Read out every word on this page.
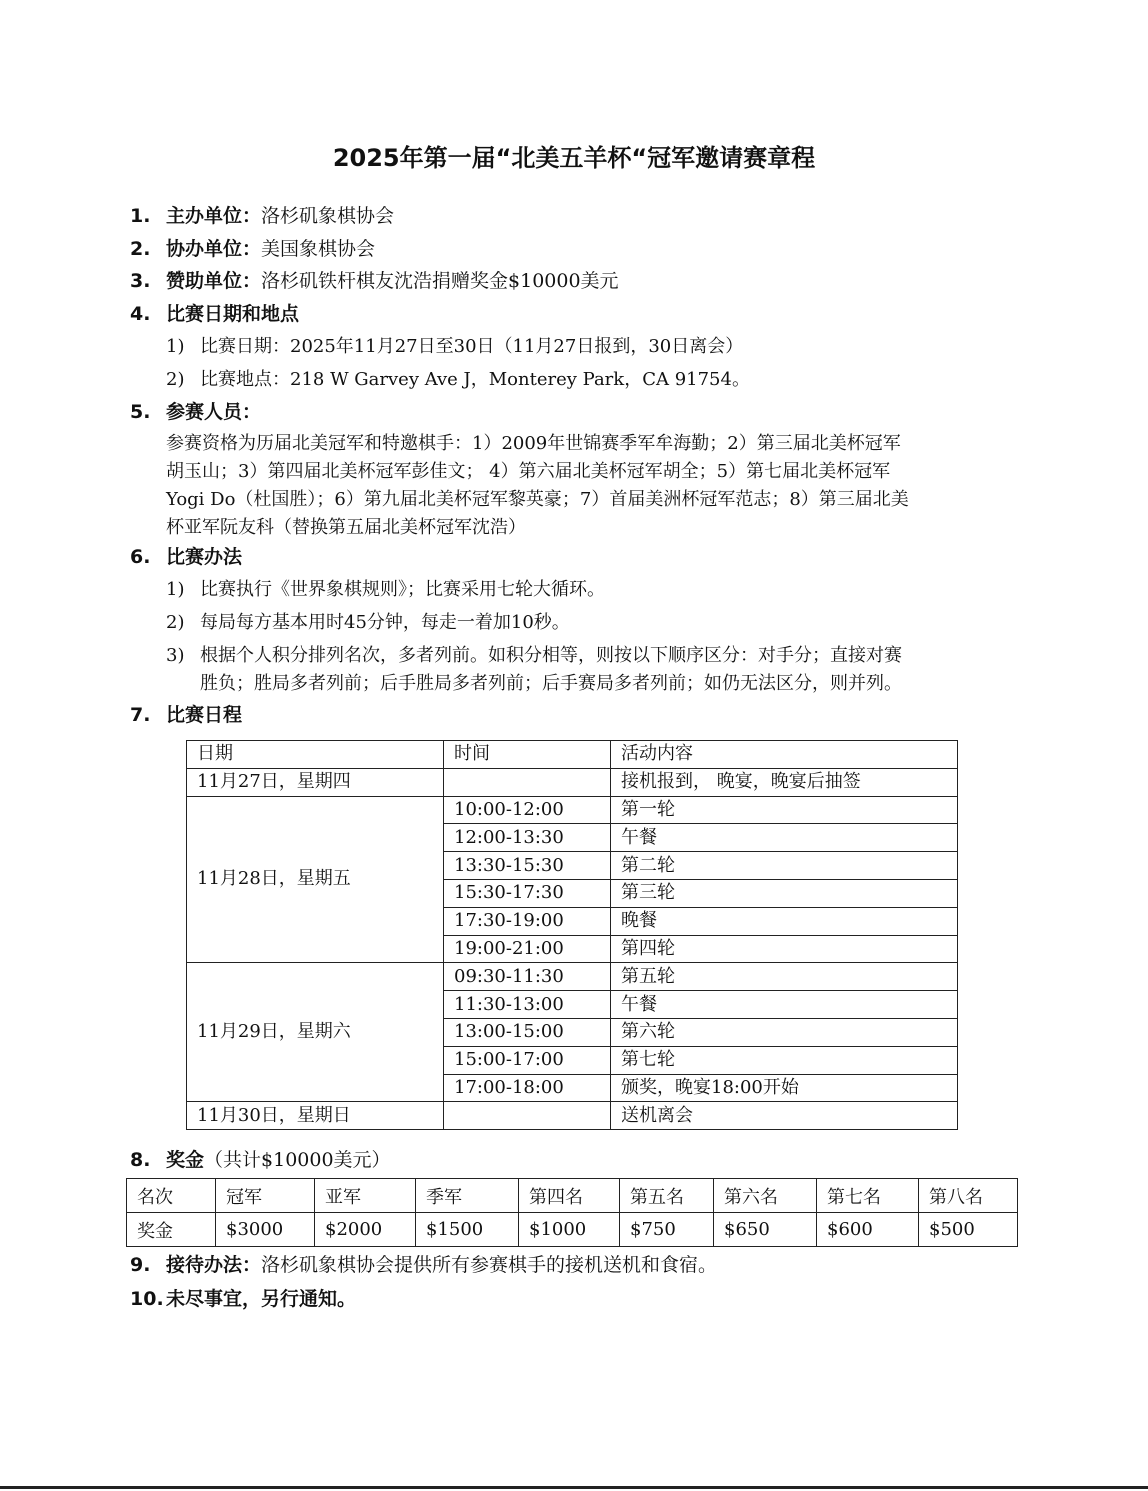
2025年第一届“北美五羊杯“冠军邀请赛章程
1. 主办单位：洛杉矶象棋协会
2. 协办单位：美国象棋协会
3. 赞助单位：洛杉矶铁杆棋友沈浩捐赠奖金$10000美元
4. 比赛日期和地点
1) 比赛日期：2025年11月27日至30日（11月27日报到，30日离会）
2) 比赛地点：218 W Garvey Ave J，Monterey Park，CA 91754。
5. 参赛人员：
参赛资格为历届北美冠军和特邀棋手：1）2009年世锦赛季军牟海勤；2）第三届北美杯冠军
胡玉山；3）第四届北美杯冠军彭佳文； 4）第六届北美杯冠军胡全；5）第七届北美杯冠军
Yogi Do（杜国胜）；6）第九届北美杯冠军黎英豪；7）首届美洲杯冠军范志；8）第三届北美
杯亚军阮友科（替换第五届北美杯冠军沈浩）
6. 比赛办法
1) 比赛执行《世界象棋规则》；比赛采用七轮大循环。
2) 每局每方基本用时45分钟，每走一着加10秒。
3) 根据个人积分排列名次，多者列前。如积分相等，则按以下顺序区分：对手分；直接对赛
胜负；胜局多者列前；后手胜局多者列前；后手赛局多者列前；如仍无法区分，则并列。
7. 比赛日程
日期	时间	活动内容
11月27日，星期四		接机报到， 晚宴，晚宴后抽签
11月28日，星期五	10:00-12:00	第一轮
	12:00-13:30	午餐
	13:30-15:30	第二轮
	15:30-17:30	第三轮
	17:30-19:00	晚餐
	19:00-21:00	第四轮
11月29日，星期六	09:30-11:30	第五轮
	11:30-13:00	午餐
	13:00-15:00	第六轮
	15:00-17:00	第七轮
	17:00-18:00	颁奖，晚宴18:00开始
11月30日，星期日		送机离会
8. 奖金（共计$10000美元）
名次	冠军	亚军	季军	第四名	第五名	第六名	第七名	第八名
奖金	$3000	$2000	$1500	$1000	$750	$650	$600	$500
9. 接待办法：洛杉矶象棋协会提供所有参赛棋手的接机送机和食宿。
10. 未尽事宜，另行通知。
